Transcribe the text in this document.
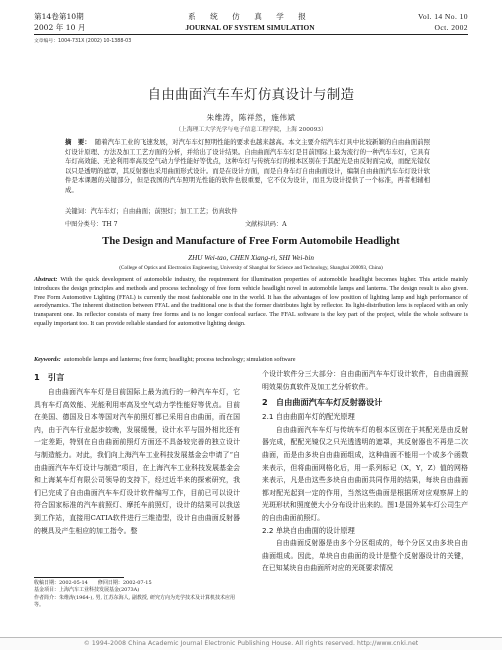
第14卷第10期
2002 年 10 月
系 统 仿 真 学 报
JOURNAL OF SYSTEM SIMULATION
Vol. 14 No. 10
Oct. 2002
文章编号：1004-731X (2002) 10-1388-03
自由曲面汽车车灯仿真设计与制造
朱维涛，陈祥然，施伟斌
（上海理工大学光学与电子信息工程学院，上海 200093）
摘　要： 随着汽车工业的飞速发展，对汽车车灯照明性能的要求也越来越高。本文主要介绍汽车灯具中比较新颖的自由曲面前照灯设计原理、方法及加工工艺方面的分析，并给出了设计结果。自由曲面汽车车灯是目前国际上最为流行的一种汽车车灯，它具有车灯高效能、无论利用率高及空气动力学性能好等优点，这种车灯与传统车灯的根本区别在于其配光是由反射面完成，而配光镜仅以只是透明的遮罩，其反射器也采用曲面形式设计。而是在设计方面，而是自身车灯自由曲面设计，编制自由曲面汽车车灯设计软件是本课题的关键部分，但是我国的汽车照明光性能的软件也很重要，它不仅为设计，而且为设计提供了一个标准，再者相辅相成。
关键词：汽车车灯；自由曲面；前照灯；加工工艺；仿真软件
中图分类号：TH 7	文献标识码：A
The Design and Manufacture of Free Form Automobile Headlight
ZHU Wei-tao, CHEN Xiang-ri, SHI Wei-bin
(College of Optics and Electronics Engineering, University of Shanghai for Science and Technology, Shanghai 200093, China)
Abstract: With the quick development of automobile industry, the requirement for illumination properties of automobile headlight becomes higher. This article mainly introduces the design principles and methods and process technology of free form vehicle headlight novel in automobile lamps and lanterns. The design result is also given. Free Form Automotive Lighting (FFAL) is currently the most fashionable one in the world. It has the advantages of low position of lighting lamp and high performance of aerodynamics. The inherent distinction between FFAL and the traditional one is that the former distributes light by reflector. Its light-distribution lens is replaced with an only transparent one. Its reflector consists of many free forms and is no longer confocal surface. The FFAL software is the key part of the project, while the whole software is equally important too. It can provide reliable standard for automotive lighting design.
Keywords: automobile lamps and lanterns; free form; headlight; process technology; simulation software
1　引言

自由曲面汽车车灯是目前国际上最为流行的一种汽车车灯，它具有车灯高效能、光能利用率高及空气动力学性能好等优点。目前在美国、德国及日本等国对汽车前照灯都已采用自由曲面，而在国内，由于汽车行业起步较晚，发展缓慢，设计水平与国外相比还有一定差距，特别在自由曲面前照灯方面还不具备较完善的独立设计与制造能力。对此，我们向上海汽车工业科技发展基金会申请了“自由曲面汽车车灯设计与制造”项目，在上海汽车工业科技发展基金会和上海某车灯有限公司领导的支持下，经过近半来的探索研究，我们已完成了自由曲面汽车车灯设计软件编写工作，目前已可以设计符合国家标准的汽车前照灯、摩托车前照灯，设计的结果可以我送到工作站，直接用CATIA软件进行三维造型，设计自由曲面反射器的模具及产生相应的加工指令。整

个设计软件分三大部分：自由曲面汽车车灯设计软件，自由曲面照明效果仿真软件及加工艺分析软件。

2　自由曲面汽车车灯反射器设计
2.1 自由曲面车灯的配光原理

自由曲面汽车车灯与传统车灯的根本区别在于其配光是由反射器完成，配配光镜仅之只光透透明的遮罩，其反射器也不再是二次曲面，而是由多块自由曲面组成，这种曲面不能用一个或多个函数来表示，但将曲面网格化后，用一系列标记（X，Y，Z）值的网格来表示，凡是由这些多块自由曲面共同作用的结果，每块自由曲面都对配光起到一定的作用，当然这些曲面是根据所对应观察屏上的光斑形状和照度使大小分布设计出来的。图1是国外某车灯公司生产的自由曲面前照灯。

2.2 单块自由曲面的设计原理

自由曲面反射器是由多个分区组成的，每个分区又由多块自由曲面组成。因此，单块自由曲面的设计是整个反射器设计的关键，在已知某块自由曲面所对应的光斑要求情况

收稿日期：2002-05-14　　修回日期：2002-07-15
基金项目：上海汽车工业科技发展基金(2073A)
作者简介：朱维涛(1964-), 男, 江苏东海人, 副教授, 研究方向为光学技术及计算机技术应用等。
© 1994-2008 China Academic Journal Electronic Publishing House. All rights reserved. http://www.cnki.net
